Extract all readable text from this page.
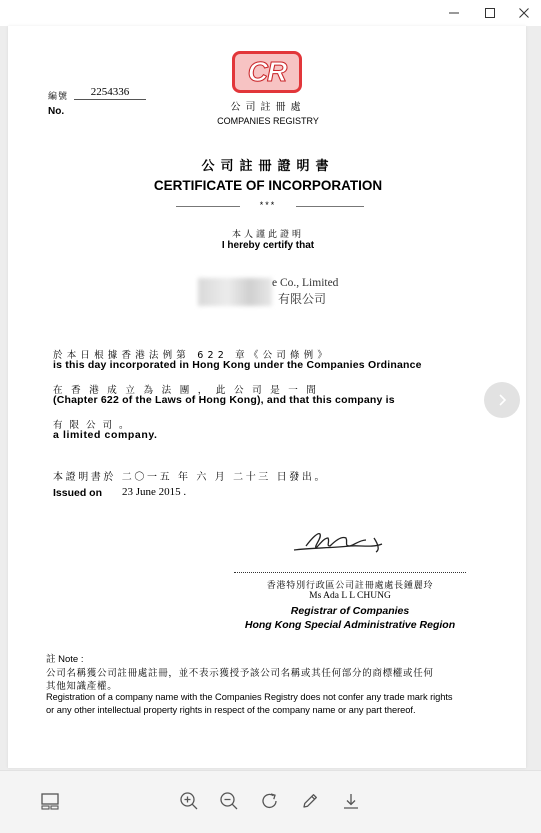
編號	2254336
No.
CR
公司註冊處
COMPANIES REGISTRY
公司註冊證明書
CERTIFICATE OF INCORPORATION
***
本人謹此證明
I hereby certify that
e Co., Limited
有限公司
於本日根據香港法例第 622 章《公司條例》
is this day incorporated in Hong Kong under the Companies Ordinance
在香港成立為法團，此公司是一間
(Chapter 622 of the Laws of Hong Kong), and that this company is
有限公司。
a limited company.
本證明書於 二〇一五 年 六 月 二十三 日發出。
Issued on 23 June 2015 .
香港特別行政區公司註冊處處長鍾麗玲
Ms Ada L L CHUNG
Registrar of Companies
Hong Kong Special Administrative Region
註 Note :
公司名稱獲公司註冊處註冊，並不表示獲授予該公司名稱或其任何部分的商標權或任何
其他知識產權。
Registration of a company name with the Companies Registry does not confer any trade mark rights
or any other intellectual property rights in respect of the company name or any part thereof.
